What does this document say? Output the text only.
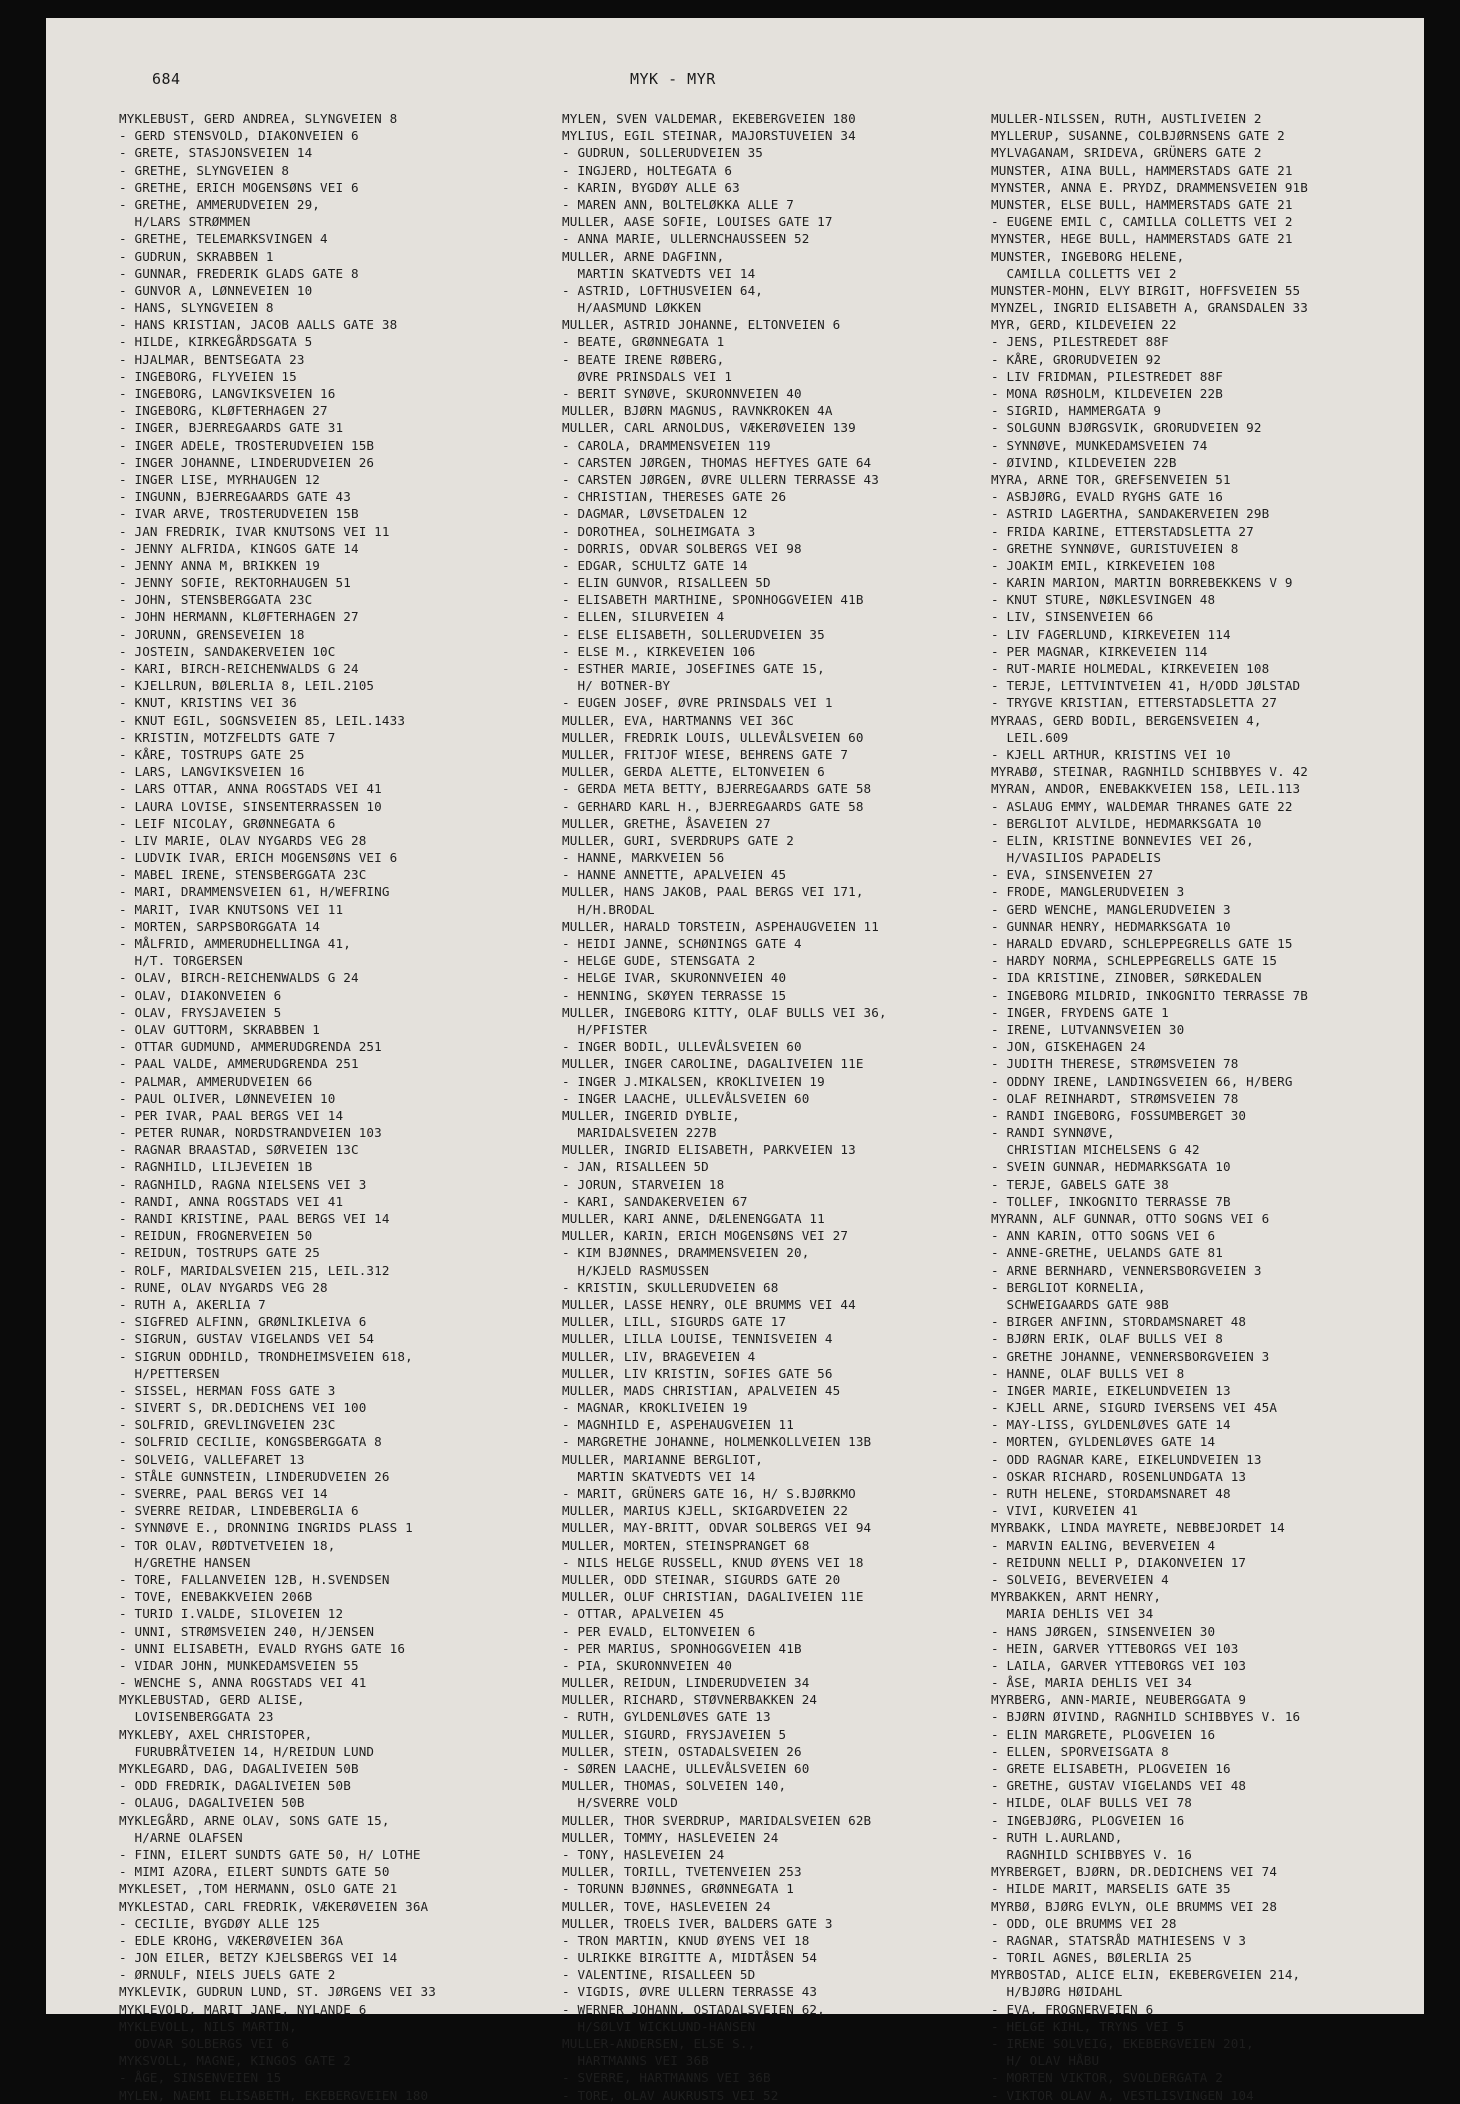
684	MYK - MYR
MYKLEBUST, GERD ANDREA, SLYNGVEIEN 8
- GERD STENSVOLD, DIAKONVEIEN 6
- GRETE, STASJONSVEIEN 14
- GRETHE, SLYNGVEIEN 8
- GRETHE, ERICH MOGENSØNS VEI 6
- GRETHE, AMMERUDVEIEN 29,
H/LARS STRØMMEN
- GRETHE, TELEMARKSVINGEN 4
- GUDRUN, SKRABBEN 1
- GUNNAR, FREDERIK GLADS GATE 8
- GUNVOR A, LØNNEVEIEN 10
- HANS, SLYNGVEIEN 8
- HANS KRISTIAN, JACOB AALLS GATE 38
- HILDE, KIRKEGÅRDSGATA 5
- HJALMAR, BENTSEGATA 23
- INGEBORG, FLYVEIEN 15
- INGEBORG, LANGVIKSVEIEN 16
- INGEBORG, KLØFTERHAGEN 27
- INGER, BJERREGAARDS GATE 31
- INGER ADELE, TROSTERUDVEIEN 15B
- INGER JOHANNE, LINDERUDVEIEN 26
- INGER LISE, MYRHAUGEN 12
- INGUNN, BJERREGAARDS GATE 43
- IVAR ARVE, TROSTERUDVEIEN 15B
- JAN FREDRIK, IVAR KNUTSONS VEI 11
- JENNY ALFRIDA, KINGOS GATE 14
- JENNY ANNA M, BRIKKEN 19
- JENNY SOFIE, REKTORHAUGEN 51
- JOHN, STENSBERGGATA 23C
- JOHN HERMANN, KLØFTERHAGEN 27
- JORUNN, GRENSEVEIEN 18
- JOSTEIN, SANDAKERVEIEN 10C
- KARI, BIRCH-REICHENWALDS G 24
- KJELLRUN, BØLERLIA 8, LEIL.2105
- KNUT, KRISTINS VEI 36
- KNUT EGIL, SOGNSVEIEN 85, LEIL.1433
- KRISTIN, MOTZFELDTS GATE 7
- KÅRE, TOSTRUPS GATE 25
- LARS, LANGVIKSVEIEN 16
- LARS OTTAR, ANNA ROGSTADS VEI 41
- LAURA LOVISE, SINSENTERRASSEN 10
- LEIF NICOLAY, GRØNNEGATA 6
- LIV MARIE, OLAV NYGARDS VEG 28
- LUDVIK IVAR, ERICH MOGENSØNS VEI 6
- MABEL IRENE, STENSBERGGATA 23C
- MARI, DRAMMENSVEIEN 61, H/WEFRING
- MARIT, IVAR KNUTSONS VEI 11
- MORTEN, SARPSBORGGATA 14
- MÅLFRID, AMMERUDHELLINGA 41,
H/T. TORGERSEN
- OLAV, BIRCH-REICHENWALDS G 24
- OLAV, DIAKONVEIEN 6
- OLAV, FRYSJAVEIEN 5
- OLAV GUTTORM, SKRABBEN 1
- OTTAR GUDMUND, AMMERUDGRENDA 251
- PAAL VALDE, AMMERUDGRENDA 251
- PALMAR, AMMERUDVEIEN 66
- PAUL OLIVER, LØNNEVEIEN 10
- PER IVAR, PAAL BERGS VEI 14
- PETER RUNAR, NORDSTRANDVEIEN 103
- RAGNAR BRAASTAD, SØRVEIEN 13C
- RAGNHILD, LILJEVEIEN 1B
- RAGNHILD, RAGNA NIELSENS VEI 3
- RANDI, ANNA ROGSTADS VEI 41
- RANDI KRISTINE, PAAL BERGS VEI 14
- REIDUN, FROGNERVEIEN 50
- REIDUN, TOSTRUPS GATE 25
- ROLF, MARIDALSVEIEN 215, LEIL.312
- RUNE, OLAV NYGARDS VEG 28
- RUTH A, AKERLIA 7
- SIGFRED ALFINN, GRØNLIKLEIVA 6
- SIGRUN, GUSTAV VIGELANDS VEI 54
- SIGRUN ODDHILD, TRONDHEIMSVEIEN 618,
H/PETTERSEN
- SISSEL, HERMAN FOSS GATE 3
- SIVERT S, DR.DEDICHENS VEI 100
- SOLFRID, GREVLINGVEIEN 23C
- SOLFRID CECILIE, KONGSBERGGATA 8
- SOLVEIG, VALLEFARET 13
- STÅLE GUNNSTEIN, LINDERUDVEIEN 26
- SVERRE, PAAL BERGS VEI 14
- SVERRE REIDAR, LINDEBERGLIA 6
- SYNNØVE E., DRONNING INGRIDS PLASS 1
- TOR OLAV, RØDTVETVEIEN 18,
H/GRETHE HANSEN
- TORE, FALLANVEIEN 12B, H.SVENDSEN
- TOVE, ENEBAKKVEIEN 206B
- TURID I.VALDE, SILOVEIEN 12
- UNNI, STRØMSVEIEN 240, H/JENSEN
- UNNI ELISABETH, EVALD RYGHS GATE 16
- VIDAR JOHN, MUNKEDAMSVEIEN 55
- WENCHE S, ANNA ROGSTADS VEI 41
MYKLEBUSTAD, GERD ALISE,
LOVISENBERGGATA 23
MYKLEBY, AXEL CHRISTOPER,
FURUBRÅTVEIEN 14, H/REIDUN LUND
MYKLEGARD, DAG, DAGALIVEIEN 50B
- ODD FREDRIK, DAGALIVEIEN 50B
- OLAUG, DAGALIVEIEN 50B
MYKLEGÅRD, ARNE OLAV, SONS GATE 15,
H/ARNE OLAFSEN
- FINN, EILERT SUNDTS GATE 50, H/ LOTHE
- MIMI AZORA, EILERT SUNDTS GATE 50
MYKLESET, ,TOM HERMANN, OSLO GATE 21
MYKLESTAD, CARL FREDRIK, VÆKERØVEIEN 36A
- CECILIE, BYGDØY ALLE 125
- EDLE KROHG, VÆKERØVEIEN 36A
- JON EILER, BETZY KJELSBERGS VEI 14
- ØRNULF, NIELS JUELS GATE 2
MYKLEVIK, GUDRUN LUND, ST. JØRGENS VEI 33
MYKLEVOLD, MARIT JANE, NYLANDE 6
MYKLEVOLL, NILS MARTIN,
ODVAR SOLBERGS VEI 6
MYKSVOLL, MAGNE, KINGOS GATE 2
- ÅGE, SINSENVEIEN 15
MYLEN, NAEMI ELISABETH, EKEBERGVEIEN 180
MYLEN, SVEN VALDEMAR, EKEBERGVEIEN 180
MYLIUS, EGIL STEINAR, MAJORSTUVEIEN 34
- GUDRUN, SOLLERUDVEIEN 35
- INGJERD, HOLTEGATA 6
- KARIN, BYGDØY ALLE 63
- MAREN ANN, BOLTELØKKA ALLE 7
MULLER, AASE SOFIE, LOUISES GATE 17
- ANNA MARIE, ULLERNCHAUSSEEN 52
MULLER, ARNE DAGFINN,
MARTIN SKATVEDTS VEI 14
- ASTRID, LOFTHUSVEIEN 64,
H/AASMUND LØKKEN
MULLER, ASTRID JOHANNE, ELTONVEIEN 6
- BEATE, GRØNNEGATA 1
- BEATE IRENE RØBERG,
ØVRE PRINSDALS VEI 1
- BERIT SYNØVE, SKURONNVEIEN 40
MULLER, BJØRN MAGNUS, RAVNKROKEN 4A
MULLER, CARL ARNOLDUS, VÆKERØVEIEN 139
- CAROLA, DRAMMENSVEIEN 119
- CARSTEN JØRGEN, THOMAS HEFTYES GATE 64
- CARSTEN JØRGEN, ØVRE ULLERN TERRASSE 43
- CHRISTIAN, THERESES GATE 26
- DAGMAR, LØVSETDALEN 12
- DOROTHEA, SOLHEIMGATA 3
- DORRIS, ODVAR SOLBERGS VEI 98
- EDGAR, SCHULTZ GATE 14
- ELIN GUNVOR, RISALLEEN 5D
- ELISABETH MARTHINE, SPONHOGGVEIEN 41B
- ELLEN, SILURVEIEN 4
- ELSE ELISABETH, SOLLERUDVEIEN 35
- ELSE M., KIRKEVEIEN 106
- ESTHER MARIE, JOSEFINES GATE 15,
H/ BOTNER-BY
- EUGEN JOSEF, ØVRE PRINSDALS VEI 1
MULLER, EVA, HARTMANNS VEI 36C
MULLER, FREDRIK LOUIS, ULLEVÅLSVEIEN 60
MULLER, FRITJOF WIESE, BEHRENS GATE 7
MULLER, GERDA ALETTE, ELTONVEIEN 6
- GERDA META BETTY, BJERREGAARDS GATE 58
- GERHARD KARL H., BJERREGAARDS GATE 58
MULLER, GRETHE, ÅSAVEIEN 27
MULLER, GURI, SVERDRUPS GATE 2
- HANNE, MARKVEIEN 56
- HANNE ANNETTE, APALVEIEN 45
MULLER, HANS JAKOB, PAAL BERGS VEI 171,
H/H.BRODAL
MULLER, HARALD TORSTEIN, ASPEHAUGVEIEN 11
- HEIDI JANNE, SCHØNINGS GATE 4
- HELGE GUDE, STENSGATA 2
- HELGE IVAR, SKURONNVEIEN 40
- HENNING, SKØYEN TERRASSE 15
MULLER, INGEBORG KITTY, OLAF BULLS VEI 36,
H/PFISTER
- INGER BODIL, ULLEVÅLSVEIEN 60
MULLER, INGER CAROLINE, DAGALIVEIEN 11E
- INGER J.MIKALSEN, KROKLIVEIEN 19
- INGER LAACHE, ULLEVÅLSVEIEN 60
MULLER, INGERID DYBLIE,
MARIDALSVEIEN 227B
MULLER, INGRID ELISABETH, PARKVEIEN 13
- JAN, RISALLEEN 5D
- JORUN, STARVEIEN 18
- KARI, SANDAKERVEIEN 67
MULLER, KARI ANNE, DÆLENENGGATA 11
MULLER, KARIN, ERICH MOGENSØNS VEI 27
- KIM BJØNNES, DRAMMENSVEIEN 20,
H/KJELD RASMUSSEN
- KRISTIN, SKULLERUDVEIEN 68
MULLER, LASSE HENRY, OLE BRUMMS VEI 44
MULLER, LILL, SIGURDS GATE 17
MULLER, LILLA LOUISE, TENNISVEIEN 4
MULLER, LIV, BRAGEVEIEN 4
MULLER, LIV KRISTIN, SOFIES GATE 56
MULLER, MADS CHRISTIAN, APALVEIEN 45
- MAGNAR, KROKLIVEIEN 19
- MAGNHILD E, ASPEHAUGVEIEN 11
- MARGRETHE JOHANNE, HOLMENKOLLVEIEN 13B
MULLER, MARIANNE BERGLIOT,
MARTIN SKATVEDTS VEI 14
- MARIT, GRÜNERS GATE 16, H/ S.BJØRKMO
MULLER, MARIUS KJELL, SKIGARDVEIEN 22
MULLER, MAY-BRITT, ODVAR SOLBERGS VEI 94
MULLER, MORTEN, STEINSPRANGET 68
- NILS HELGE RUSSELL, KNUD ØYENS VEI 18
MULLER, ODD STEINAR, SIGURDS GATE 20
MULLER, OLUF CHRISTIAN, DAGALIVEIEN 11E
- OTTAR, APALVEIEN 45
- PER EVALD, ELTONVEIEN 6
- PER MARIUS, SPONHOGGVEIEN 41B
- PIA, SKURONNVEIEN 40
MULLER, REIDUN, LINDERUDVEIEN 34
MULLER, RICHARD, STØVNERBAKKEN 24
- RUTH, GYLDENLØVES GATE 13
MULLER, SIGURD, FRYSJAVEIEN 5
MULLER, STEIN, OSTADALSVEIEN 26
- SØREN LAACHE, ULLEVÅLSVEIEN 60
MULLER, THOMAS, SOLVEIEN 140,
H/SVERRE VOLD
MULLER, THOR SVERDRUP, MARIDALSVEIEN 62B
MULLER, TOMMY, HASLEVEIEN 24
- TONY, HASLEVEIEN 24
MULLER, TORILL, TVETENVEIEN 253
- TORUNN BJØNNES, GRØNNEGATA 1
MULLER, TOVE, HASLEVEIEN 24
MULLER, TROELS IVER, BALDERS GATE 3
- TRON MARTIN, KNUD ØYENS VEI 18
- ULRIKKE BIRGITTE A, MIDTÅSEN 54
- VALENTINE, RISALLEEN 5D
- VIGDIS, ØVRE ULLERN TERRASSE 43
- WERNER JOHANN, OSTADALSVEIEN 62,
H/SØLVI WICKLUND-HANSEN
MULLER-ANDERSEN, ELSE S.,
HARTMANNS VEI 36B
- SVERRE, HARTMANNS VEI 36B
- TORE, OLAV AUKRUSTS VEI 52
MULLER-NILSSEN, RUTH, AUSTLIVEIEN 2
MYLLERUP, SUSANNE, COLBJØRNSENS GATE 2
MYLVAGANAM, SRIDEVA, GRÜNERS GATE 2
MUNSTER, AINA BULL, HAMMERSTADS GATE 21
MYNSTER, ANNA E. PRYDZ, DRAMMENSVEIEN 91B
MUNSTER, ELSE BULL, HAMMERSTADS GATE 21
- EUGENE EMIL C, CAMILLA COLLETTS VEI 2
MYNSTER, HEGE BULL, HAMMERSTADS GATE 21
MUNSTER, INGEBORG HELENE,
CAMILLA COLLETTS VEI 2
MUNSTER-MOHN, ELVY BIRGIT, HOFFSVEIEN 55
MYNZEL, INGRID ELISABETH A, GRANSDALEN 33
MYR, GERD, KILDEVEIEN 22
- JENS, PILESTREDET 88F
- KÅRE, GRORUDVEIEN 92
- LIV FRIDMAN, PILESTREDET 88F
- MONA RØSHOLM, KILDEVEIEN 22B
- SIGRID, HAMMERGATA 9
- SOLGUNN BJØRGSVIK, GRORUDVEIEN 92
- SYNNØVE, MUNKEDAMSVEIEN 74
- ØIVIND, KILDEVEIEN 22B
MYRA, ARNE TOR, GREFSENVEIEN 51
- ASBJØRG, EVALD RYGHS GATE 16
- ASTRID LAGERTHA, SANDAKERVEIEN 29B
- FRIDA KARINE, ETTERSTADSLETTA 27
- GRETHE SYNNØVE, GURISTUVEIEN 8
- JOAKIM EMIL, KIRKEVEIEN 108
- KARIN MARION, MARTIN BORREBEKKENS V 9
- KNUT STURE, NØKLESVINGEN 48
- LIV, SINSENVEIEN 66
- LIV FAGERLUND, KIRKEVEIEN 114
- PER MAGNAR, KIRKEVEIEN 114
- RUT-MARIE HOLMEDAL, KIRKEVEIEN 108
- TERJE, LETTVINTVEIEN 41, H/ODD JØLSTAD
- TRYGVE KRISTIAN, ETTERSTADSLETTA 27
MYRAAS, GERD BODIL, BERGENSVEIEN 4,
LEIL.609
- KJELL ARTHUR, KRISTINS VEI 10
MYRABØ, STEINAR, RAGNHILD SCHIBBYES V. 42
MYRAN, ANDOR, ENEBAKKVEIEN 158, LEIL.113
- ASLAUG EMMY, WALDEMAR THRANES GATE 22
- BERGLIOT ALVILDE, HEDMARKSGATA 10
- ELIN, KRISTINE BONNEVIES VEI 26,
H/VASILIOS PAPADELIS
- EVA, SINSENVEIEN 27
- FRODE, MANGLERUDVEIEN 3
- GERD WENCHE, MANGLERUDVEIEN 3
- GUNNAR HENRY, HEDMARKSGATA 10
- HARALD EDVARD, SCHLEPPEGRELLS GATE 15
- HARDY NORMA, SCHLEPPEGRELLS GATE 15
- IDA KRISTINE, ZINOBER, SØRKEDALEN
- INGEBORG MILDRID, INKOGNITO TERRASSE 7B
- INGER, FRYDENS GATE 1
- IRENE, LUTVANNSVEIEN 30
- JON, GISKEHAGEN 24
- JUDITH THERESE, STRØMSVEIEN 78
- ODDNY IRENE, LANDINGSVEIEN 66, H/BERG
- OLAF REINHARDT, STRØMSVEIEN 78
- RANDI INGEBORG, FOSSUMBERGET 30
- RANDI SYNNØVE,
CHRISTIAN MICHELSENS G 42
- SVEIN GUNNAR, HEDMARKSGATA 10
- TERJE, GABELS GATE 38
- TOLLEF, INKOGNITO TERRASSE 7B
MYRANN, ALF GUNNAR, OTTO SOGNS VEI 6
- ANN KARIN, OTTO SOGNS VEI 6
- ANNE-GRETHE, UELANDS GATE 81
- ARNE BERNHARD, VENNERSBORGVEIEN 3
- BERGLIOT KORNELIA,
SCHWEIGAARDS GATE 98B
- BIRGER ANFINN, STORDAMSNARET 48
- BJØRN ERIK, OLAF BULLS VEI 8
- GRETHE JOHANNE, VENNERSBORGVEIEN 3
- HANNE, OLAF BULLS VEI 8
- INGER MARIE, EIKELUNDVEIEN 13
- KJELL ARNE, SIGURD IVERSENS VEI 45A
- MAY-LISS, GYLDENLØVES GATE 14
- MORTEN, GYLDENLØVES GATE 14
- ODD RAGNAR KARE, EIKELUNDVEIEN 13
- OSKAR RICHARD, ROSENLUNDGATA 13
- RUTH HELENE, STORDAMSNARET 48
- VIVI, KURVEIEN 41
MYRBAKK, LINDA MAYRETE, NEBBEJORDET 14
- MARVIN EALING, BEVERVEIEN 4
- REIDUNN NELLI P, DIAKONVEIEN 17
- SOLVEIG, BEVERVEIEN 4
MYRBAKKEN, ARNT HENRY,
MARIA DEHLIS VEI 34
- HANS JØRGEN, SINSENVEIEN 30
- HEIN, GARVER YTTEBORGS VEI 103
- LAILA, GARVER YTTEBORGS VEI 103
- ÅSE, MARIA DEHLIS VEI 34
MYRBERG, ANN-MARIE, NEUBERGGATA 9
- BJØRN ØIVIND, RAGNHILD SCHIBBYES V. 16
- ELIN MARGRETE, PLOGVEIEN 16
- ELLEN, SPORVEISGATA 8
- GRETE ELISABETH, PLOGVEIEN 16
- GRETHE, GUSTAV VIGELANDS VEI 48
- HILDE, OLAF BULLS VEI 78
- INGEBJØRG, PLOGVEIEN 16
- RUTH L.AURLAND,
RAGNHILD SCHIBBYES V. 16
MYRBERGET, BJØRN, DR.DEDICHENS VEI 74
- HILDE MARIT, MARSELIS GATE 35
MYRBØ, BJØRG EVLYN, OLE BRUMMS VEI 28
- ODD, OLE BRUMMS VEI 28
- RAGNAR, STATSRÅD MATHIESENS V 3
- TORIL AGNES, BØLERLIA 25
MYRBOSTAD, ALICE ELIN, EKEBERGVEIEN 214,
H/BJØRG HØIDAHL
- EVA, FROGNERVEIEN 6
- HELGE KIHL, TRYNS VEI 5
- IRENE SOLVEIG, EKEBERGVEIEN 201,
H/ OLAV HÅBU
- MORTEN VIKTOR, SVOLDERGATA 2
- VIKTOR OLAV A, VESTLISVINGEN 104
